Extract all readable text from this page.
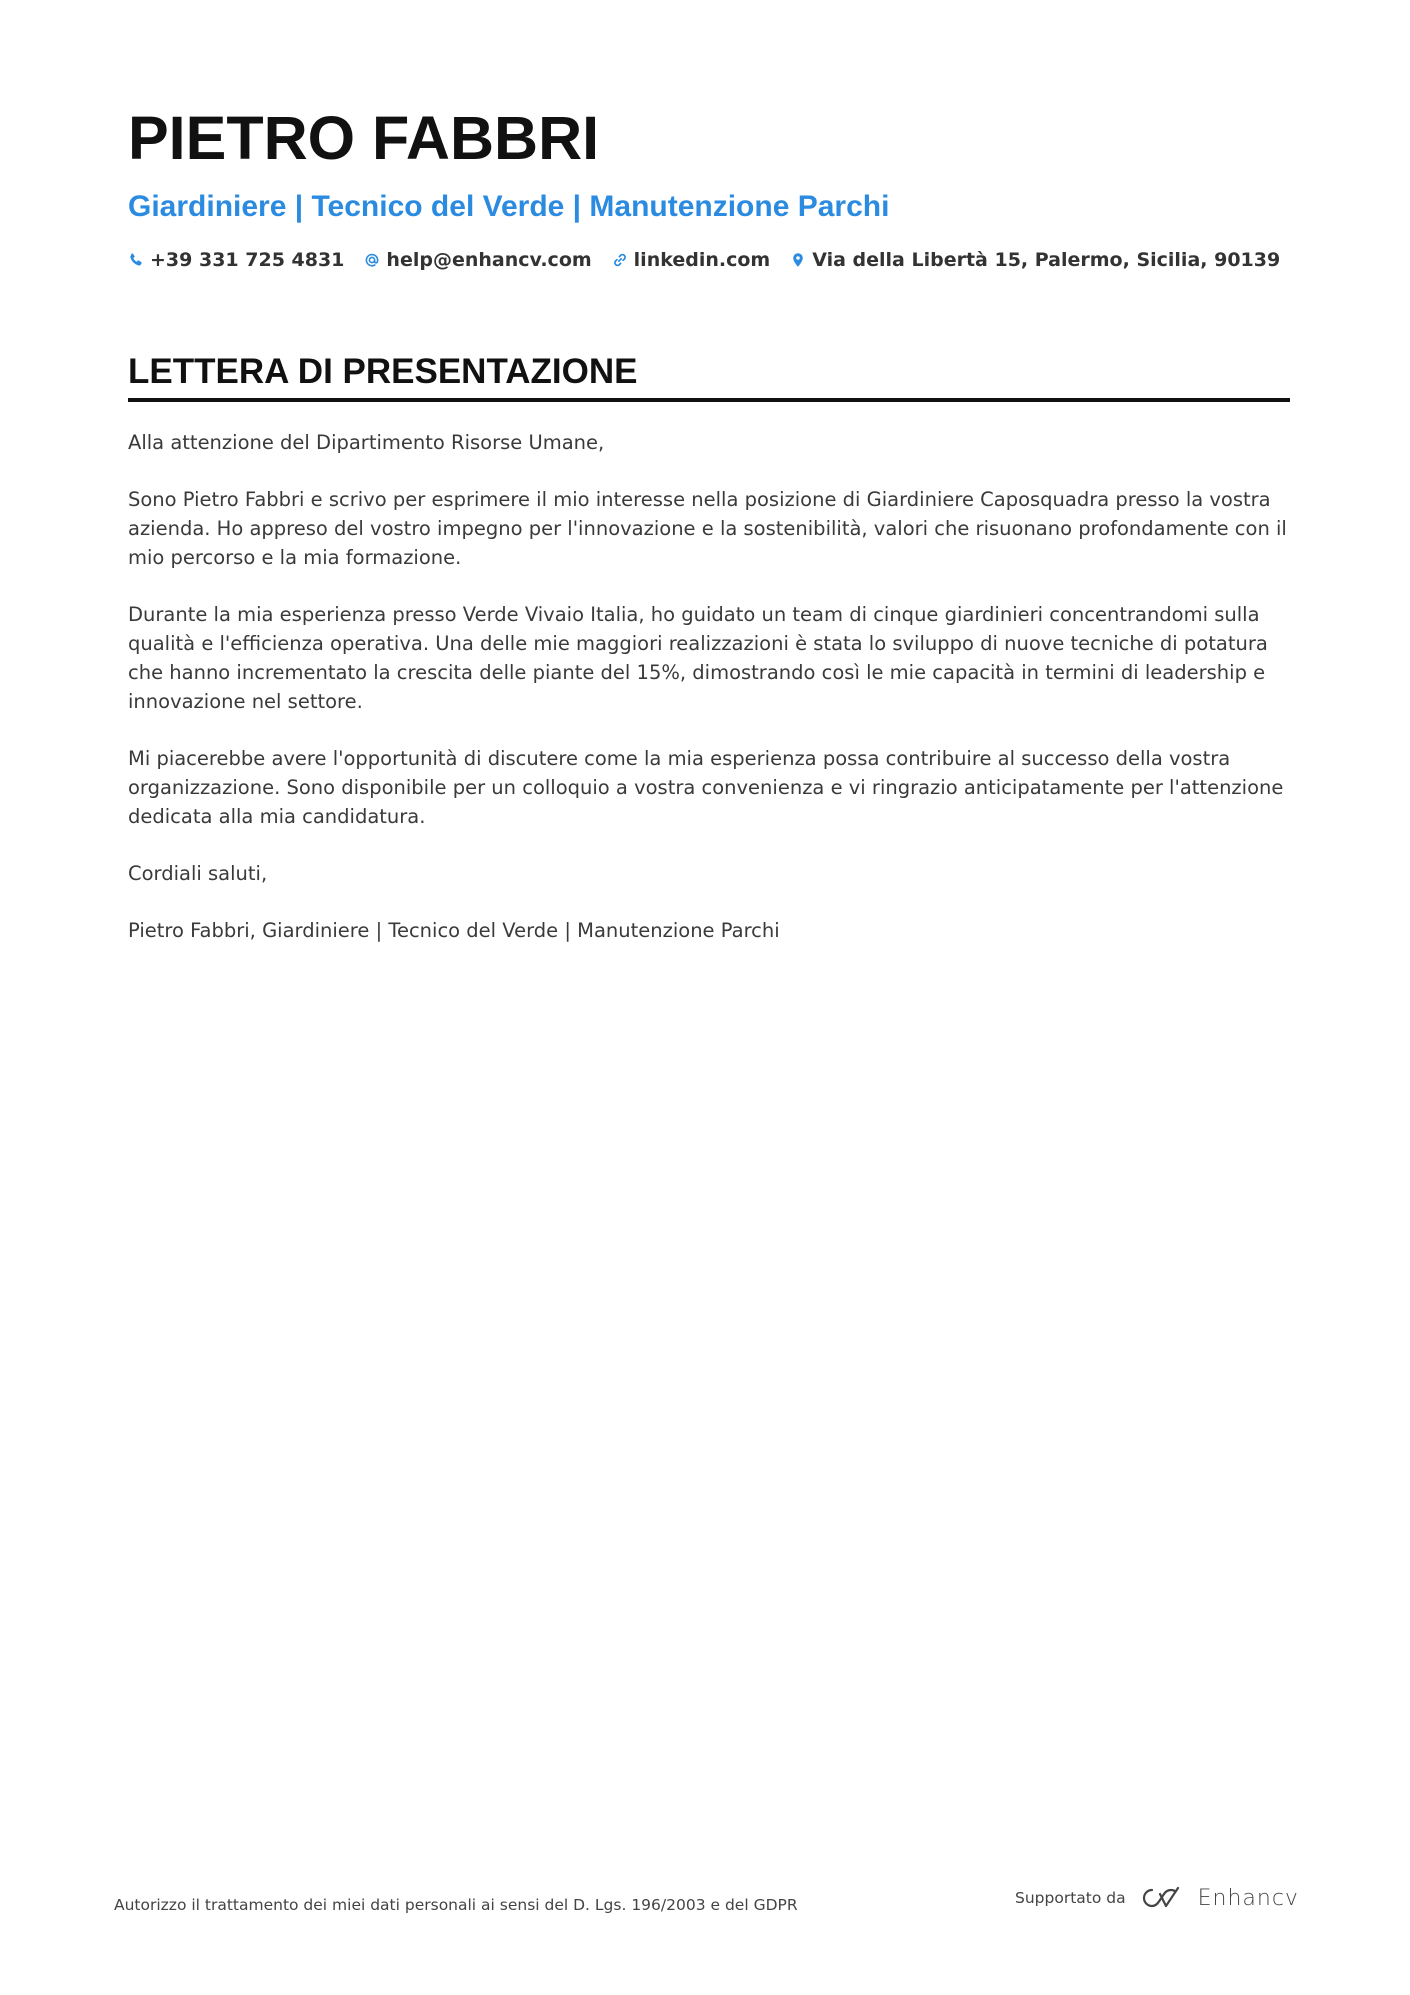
PIETRO FABBRI
Giardiniere | Tecnico del Verde | Manutenzione Parchi
+39 331 725 4831 help@enhancv.com linkedin.com Via della Libertà 15, Palermo, Sicilia, 90139
LETTERA DI PRESENTAZIONE

Alla attenzione del Dipartimento Risorse Umane,

Sono Pietro Fabbri e scrivo per esprimere il mio interesse nella posizione di Giardiniere Caposquadra presso la vostra azienda. Ho appreso del vostro impegno per l'innovazione e la sostenibilità, valori che risuonano profondamente con il mio percorso e la mia formazione.

Durante la mia esperienza presso Verde Vivaio Italia, ho guidato un team di cinque giardinieri concentrandomi sulla qualità e l'efficienza operativa. Una delle mie maggiori realizzazioni è stata lo sviluppo di nuove tecniche di potatura che hanno incrementato la crescita delle piante del 15%, dimostrando così le mie capacità in termini di leadership e innovazione nel settore.

Mi piacerebbe avere l'opportunità di discutere come la mia esperienza possa contribuire al successo della vostra organizzazione. Sono disponibile per un colloquio a vostra convenienza e vi ringrazio anticipatamente per l'attenzione dedicata alla mia candidatura.

Cordiali saluti,

Pietro Fabbri, Giardiniere | Tecnico del Verde | Manutenzione Parchi

Autorizzo il trattamento dei miei dati personali ai sensi del D. Lgs. 196/2003 e del GDPR	Supportato da	Enhancv
